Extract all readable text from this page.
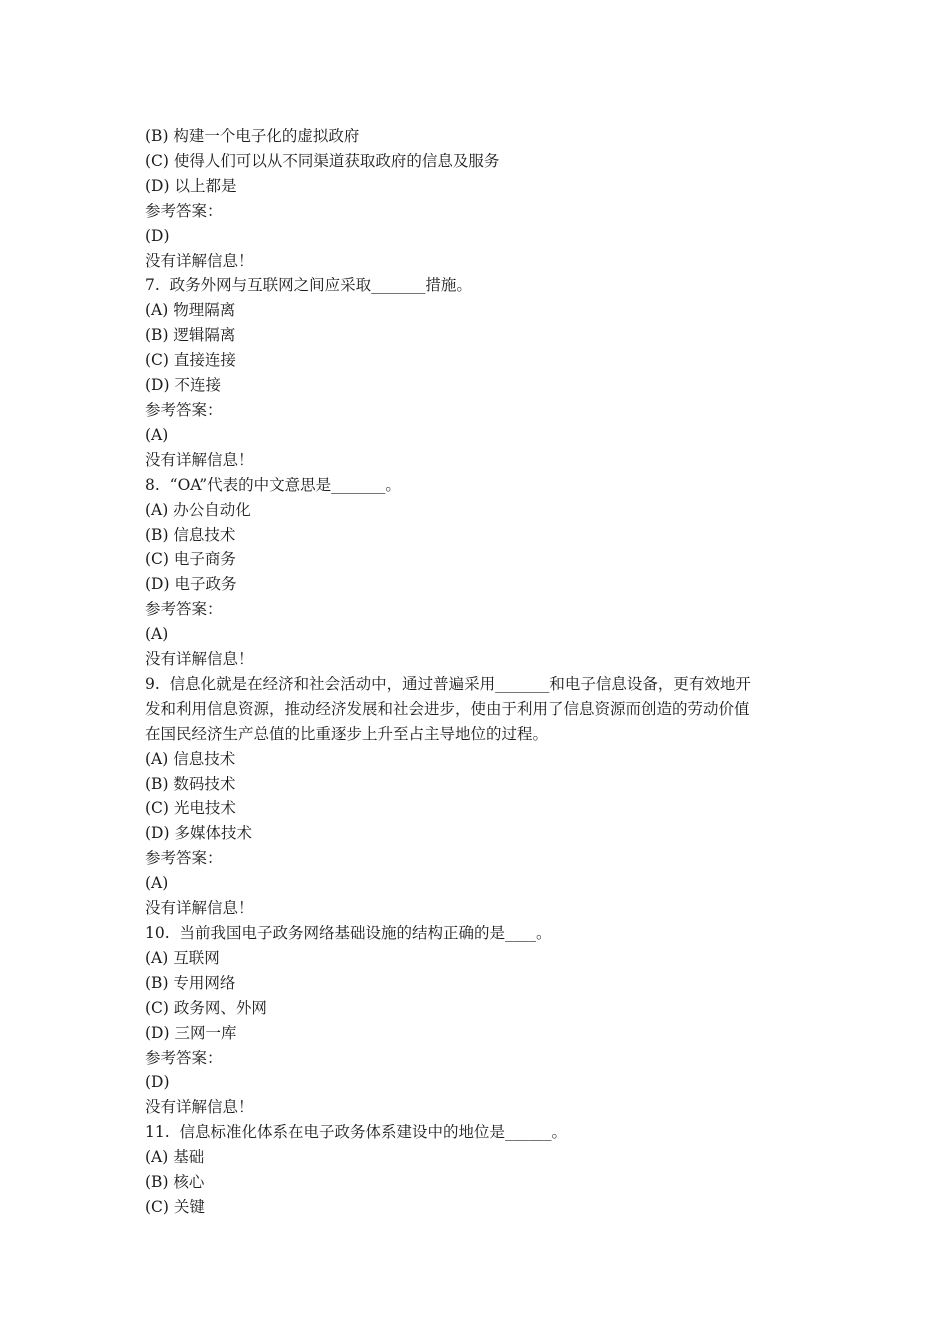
(B) 构建一个电子化的虚拟政府
(C) 使得人们可以从不同渠道获取政府的信息及服务
(D) 以上都是
参考答案：
(D)
没有详解信息！
7.  政务外网与互联网之间应采取_______措施。
(A) 物理隔离
(B) 逻辑隔离
(C) 直接连接
(D) 不连接
参考答案：
(A)
没有详解信息！
8.  “OA”代表的中文意思是_______。
(A) 办公自动化
(B) 信息技术
(C) 电子商务
(D) 电子政务
参考答案：
(A)
没有详解信息！
9.  信息化就是在经济和社会活动中，通过普遍采用_______和电子信息设备，更有效地开
发和利用信息资源，推动经济发展和社会进步，使由于利用了信息资源而创造的劳动价值
在国民经济生产总值的比重逐步上升至占主导地位的过程。
(A) 信息技术
(B) 数码技术
(C) 光电技术
(D) 多媒体技术
参考答案：
(A)
没有详解信息！
10.  当前我国电子政务网络基础设施的结构正确的是____。
(A) 互联网
(B) 专用网络
(C) 政务网、外网
(D) 三网一库
参考答案：
(D)
没有详解信息！
11.  信息标准化体系在电子政务体系建设中的地位是______。
(A) 基础
(B) 核心
(C) 关键
